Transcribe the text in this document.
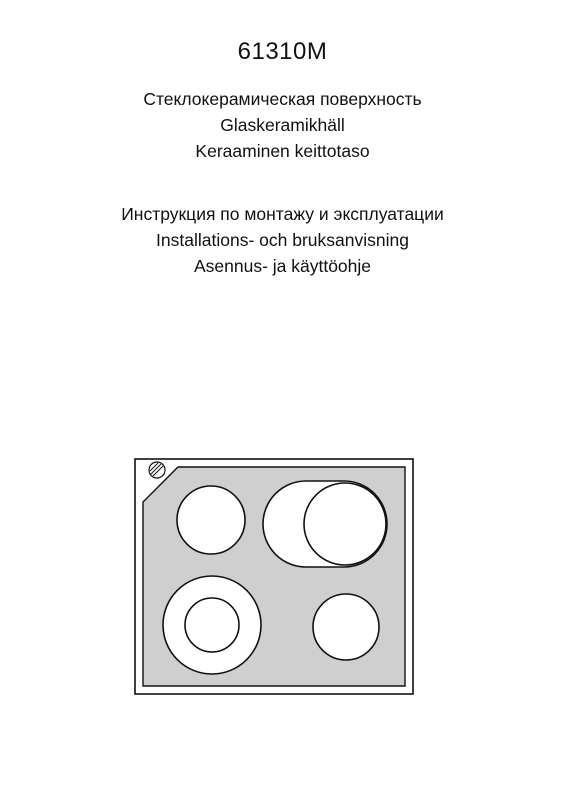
61310M
Стеклокерамическая поверхность
Glaskeramikhäll
Keraaminen keittotaso
Инструкция по монтажу и эксплуатации
Installations- och bruksanvisning
Asennus- ja käyttöohje
